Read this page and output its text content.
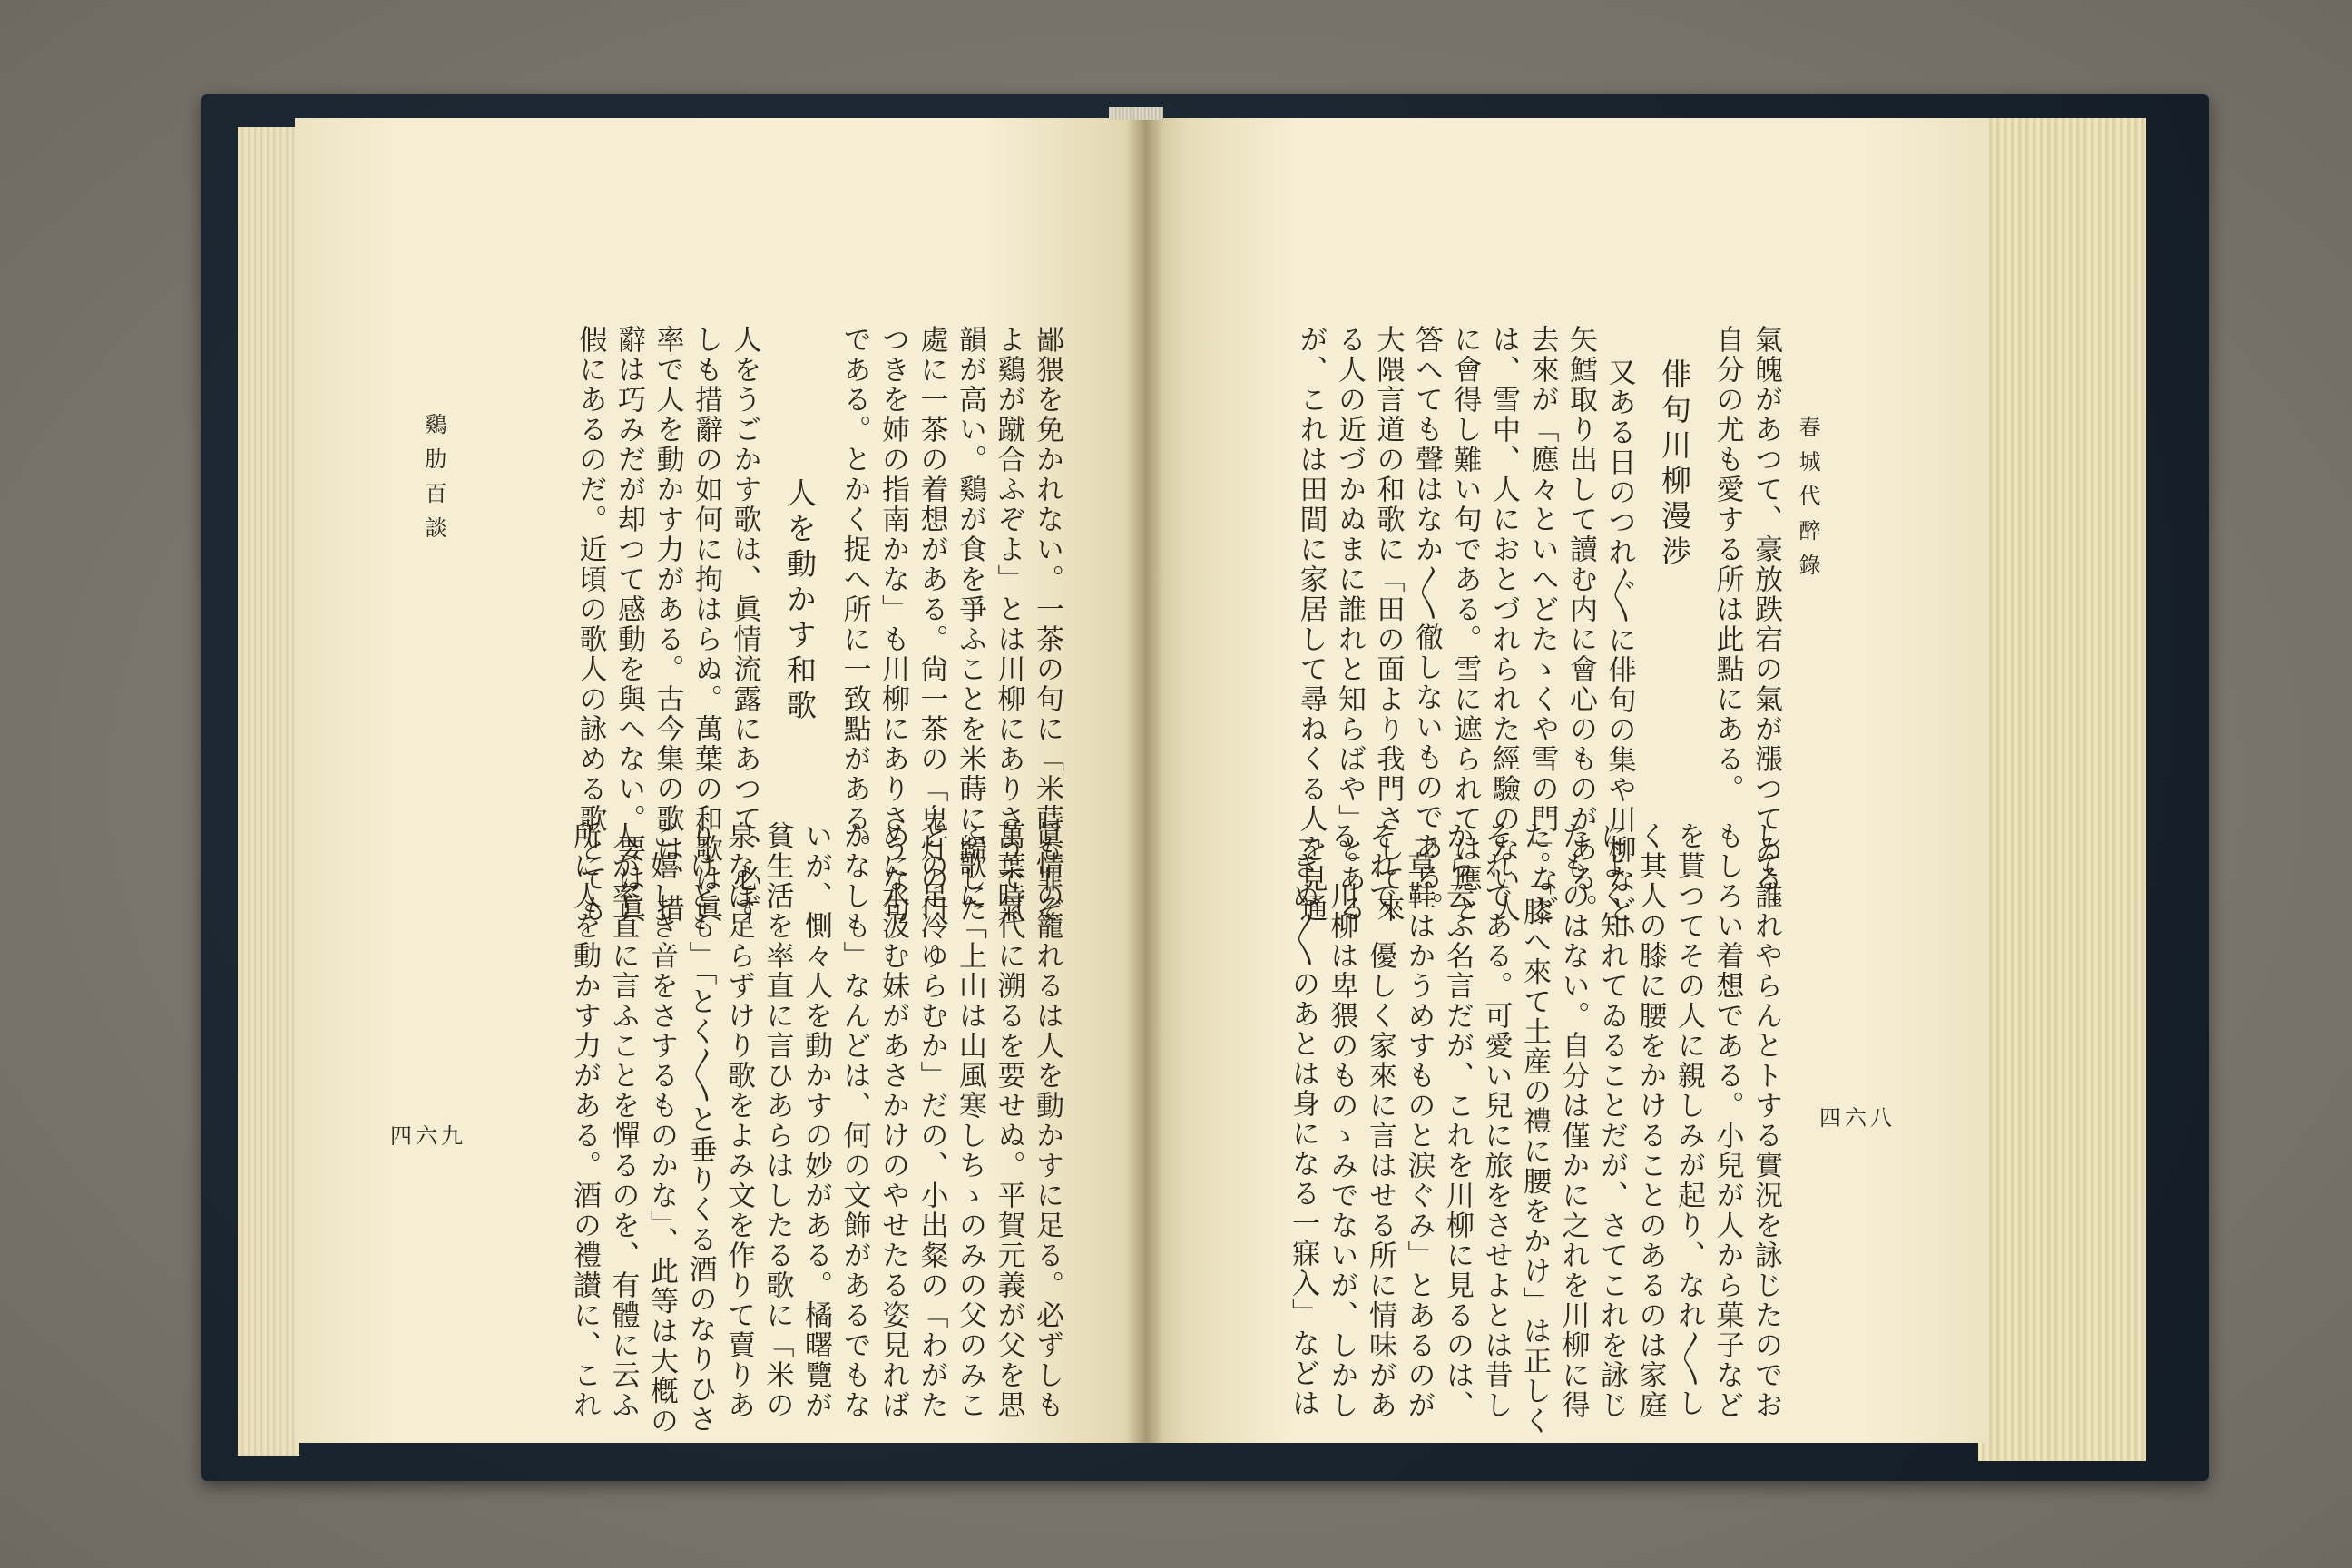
春城代醉錄
四六八
氣魄があつて、豪放跌宕の氣が漲つてゐる。
自分の尤も愛する所は此點にある。
俳句川柳漫渉
又ある日のつれ〴〵に俳句の集や川柳など、
矢鱈取り出して讀む内に會心のものがある。
去來が「應々といへどたゝくや雪の門」など
は、雪中、人におとづれられた經驗のない人
に會得し難い句である。雪に遮られては應と
答へても聲はなか〳〵徹しないものである。
大隈言道の和歌に「田の面より我門さして來
る人の近づかぬまに誰れと知らばや」とある
が、これは田間に家居して尋ねくる人を見通
して誰れやらんとトする實況を詠じたのでお
もしろい着想である。小兒が人から菓子など
を貰つてその人に親しみが起り、なれ〳〵し
く其人の膝に腰をかけることのあるのは家庭
によく知れてゐることだが、さてこれを詠じ
たものはない。自分は僅かに之れを川柳に得
た。「膝へ來て土産の禮に腰をかけ」は正しく
それである。可愛い兒に旅をさせよとは昔し
から云ふ名言だが、これを川柳に見るのは、
「草鞋はかうめすものと涙ぐみ」とあるのが
それで、優しく家來に言はせる所に情味があ
る。川柳は卑猥のものゝみでないが、しかし
「きぬ〳〵のあとは身になる一寐入」などは
鷄肋百談
四六九
鄙猥を免かれない。一茶の句に「米蒔も罪ぞ
よ鷄が蹴合ふぞよ」とは川柳にありさうで氣
韻が高い。鷄が食を爭ふことを米蒔に歸した
處に一茶の着想がある。尙一茶の「鬼灯の口
つきを姉の指南かな」も川柳にありさうな句
である。とかく捉へ所に一致點がある。
人を動かす和歌
人をうごかす歌は、眞情流露にあつて、必ず
しも措辭の如何に拘はらぬ。萬葉の和歌は眞
率で人を動かす力がある。古今集の歌は、措
辭は巧みだが却つて感動を與へない。要は眞
假にあるのだ。近頃の歌人の詠める歌とても
眞情の籠れるは人を動かすに足る。必ずしも
萬葉時代に溯るを要せぬ。平賀元義が父を思
ふ歌に「上山は山風寒しちゝのみの父のみこ
との足冷ゆらむか」だの、小出粲の「わがた
めに水汲む妹があさかけのやせたる姿見れば
かなしも」なんどは、何の文飾があるでもな
いが、惻々人を動かすの妙がある。橘曙覽が
貧生活を率直に言ひあらはしたる歌に「米の
泉なほ足らずけり歌をよみ文を作りて賣りあ
りけども」「とく〳〵と垂りくる酒のなりひさ
ご嬉しき音をさするものかな」、此等は大槪の
人が率直に言ふことを憚るのを、有體に云ふ
所に人を動かす力がある。酒の禮讃に、これ
